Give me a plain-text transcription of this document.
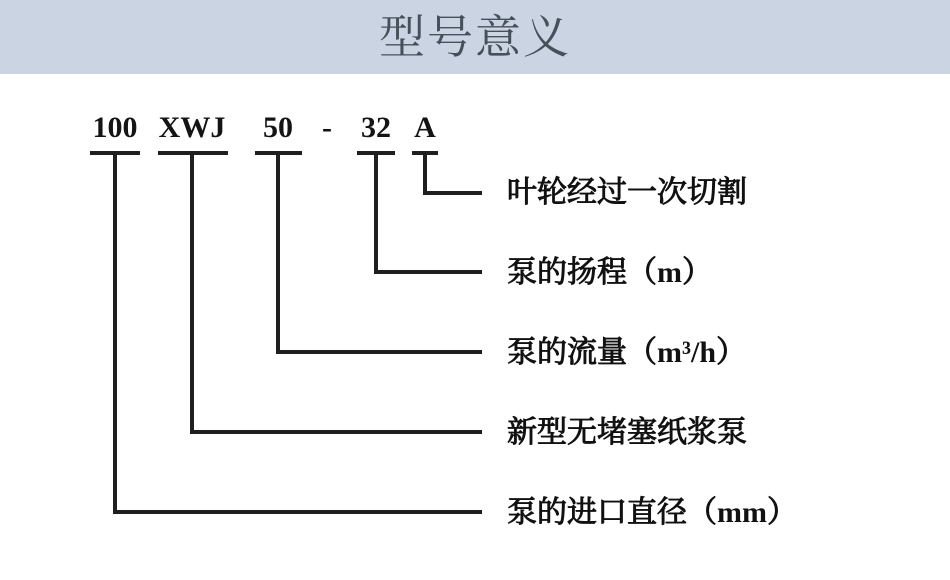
型号意义
100 XWJ	50 - 32 A
叶轮经过一次切割
泵的扬程（m）
泵的流量（m³/h）
新型无堵塞纸浆泵
泵的进口直径（mm）
